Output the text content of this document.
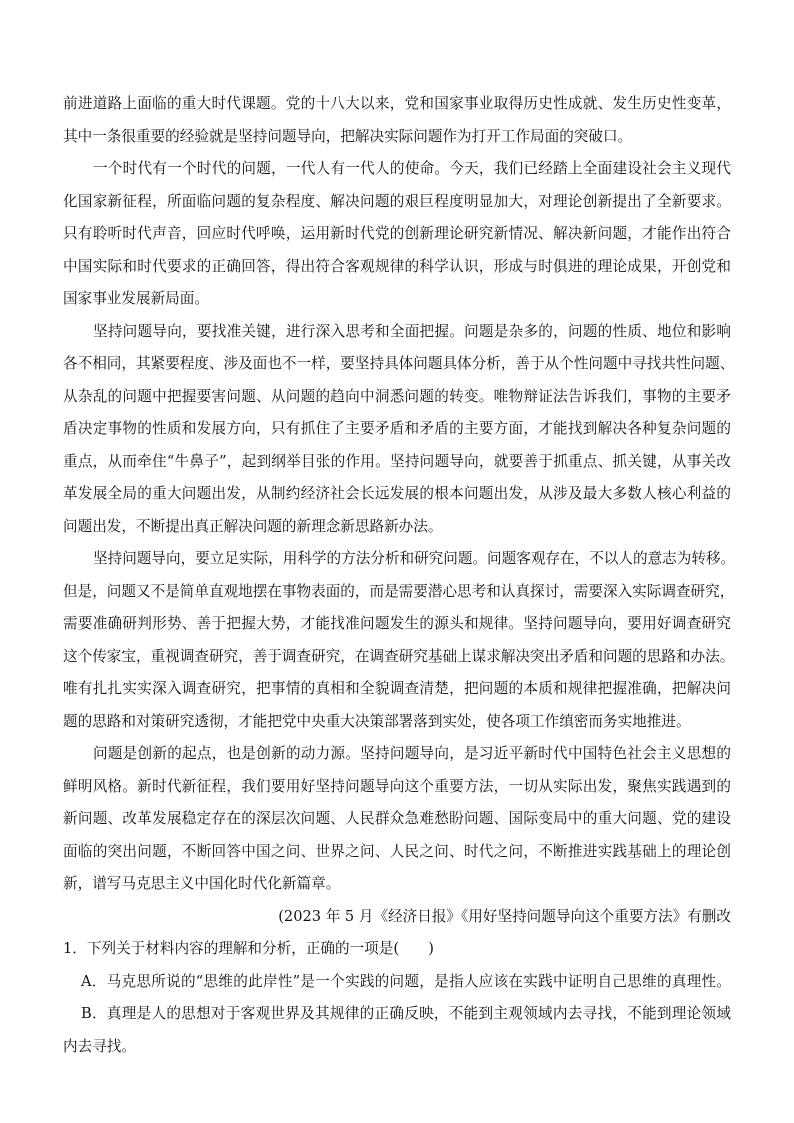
前进道路上面临的重大时代课题。党的十八大以来，党和国家事业取得历史性成就、发生历史性变革，
其中一条很重要的经验就是坚持问题导向，把解决实际问题作为打开工作局面的突破口。
一个时代有一个时代的问题，一代人有一代人的使命。今天，我们已经踏上全面建设社会主义现代
化国家新征程，所面临问题的复杂程度、解决问题的艰巨程度明显加大，对理论创新提出了全新要求。
只有聆听时代声音，回应时代呼唤，运用新时代党的创新理论研究新情况、解决新问题，才能作出符合
中国实际和时代要求的正确回答，得出符合客观规律的科学认识，形成与时俱进的理论成果，开创党和
国家事业发展新局面。
坚持问题导向，要找准关键，进行深入思考和全面把握。问题是杂多的，问题的性质、地位和影响
各不相同，其紧要程度、涉及面也不一样，要坚持具体问题具体分析，善于从个性问题中寻找共性问题、
从杂乱的问题中把握要害问题、从问题的趋向中洞悉问题的转变。唯物辩证法告诉我们，事物的主要矛
盾决定事物的性质和发展方向，只有抓住了主要矛盾和矛盾的主要方面，才能找到解决各种复杂问题的
重点，从而牵住“牛鼻子”，起到纲举目张的作用。坚持问题导向，就要善于抓重点、抓关键，从事关改
革发展全局的重大问题出发，从制约经济社会长远发展的根本问题出发，从涉及最大多数人核心利益的
问题出发，不断提出真正解决问题的新理念新思路新办法。
坚持问题导向，要立足实际，用科学的方法分析和研究问题。问题客观存在，不以人的意志为转移。
但是，问题又不是简单直观地摆在事物表面的，而是需要潜心思考和认真探讨，需要深入实际调查研究，
需要准确研判形势、善于把握大势，才能找准问题发生的源头和规律。坚持问题导向，要用好调查研究
这个传家宝，重视调查研究，善于调查研究，在调查研究基础上谋求解决突出矛盾和问题的思路和办法。
唯有扎扎实实深入调查研究，把事情的真相和全貌调查清楚，把问题的本质和规律把握准确，把解决问
题的思路和对策研究透彻，才能把党中央重大决策部署落到实处，使各项工作缜密而务实地推进。
问题是创新的起点，也是创新的动力源。坚持问题导向，是习近平新时代中国特色社会主义思想的
鲜明风格。新时代新征程，我们要用好坚持问题导向这个重要方法，一切从实际出发，聚焦实践遇到的
新问题、改革发展稳定存在的深层次问题、人民群众急难愁盼问题、国际变局中的重大问题、党的建设
面临的突出问题，不断回答中国之问、世界之问、人民之问、时代之问，不断推进实践基础上的理论创
新，谱写马克思主义中国化时代化新篇章。
(2023 年 5 月《经济日报》《用好坚持问题导向这个重要方法》有删改
1．下列关于材料内容的理解和分析，正确的一项是(　　)
A．马克思所说的“思维的此岸性”是一个实践的问题，是指人应该在实践中证明自己思维的真理性。
B．真理是人的思想对于客观世界及其规律的正确反映，不能到主观领域内去寻找，不能到理论领域
内去寻找。
